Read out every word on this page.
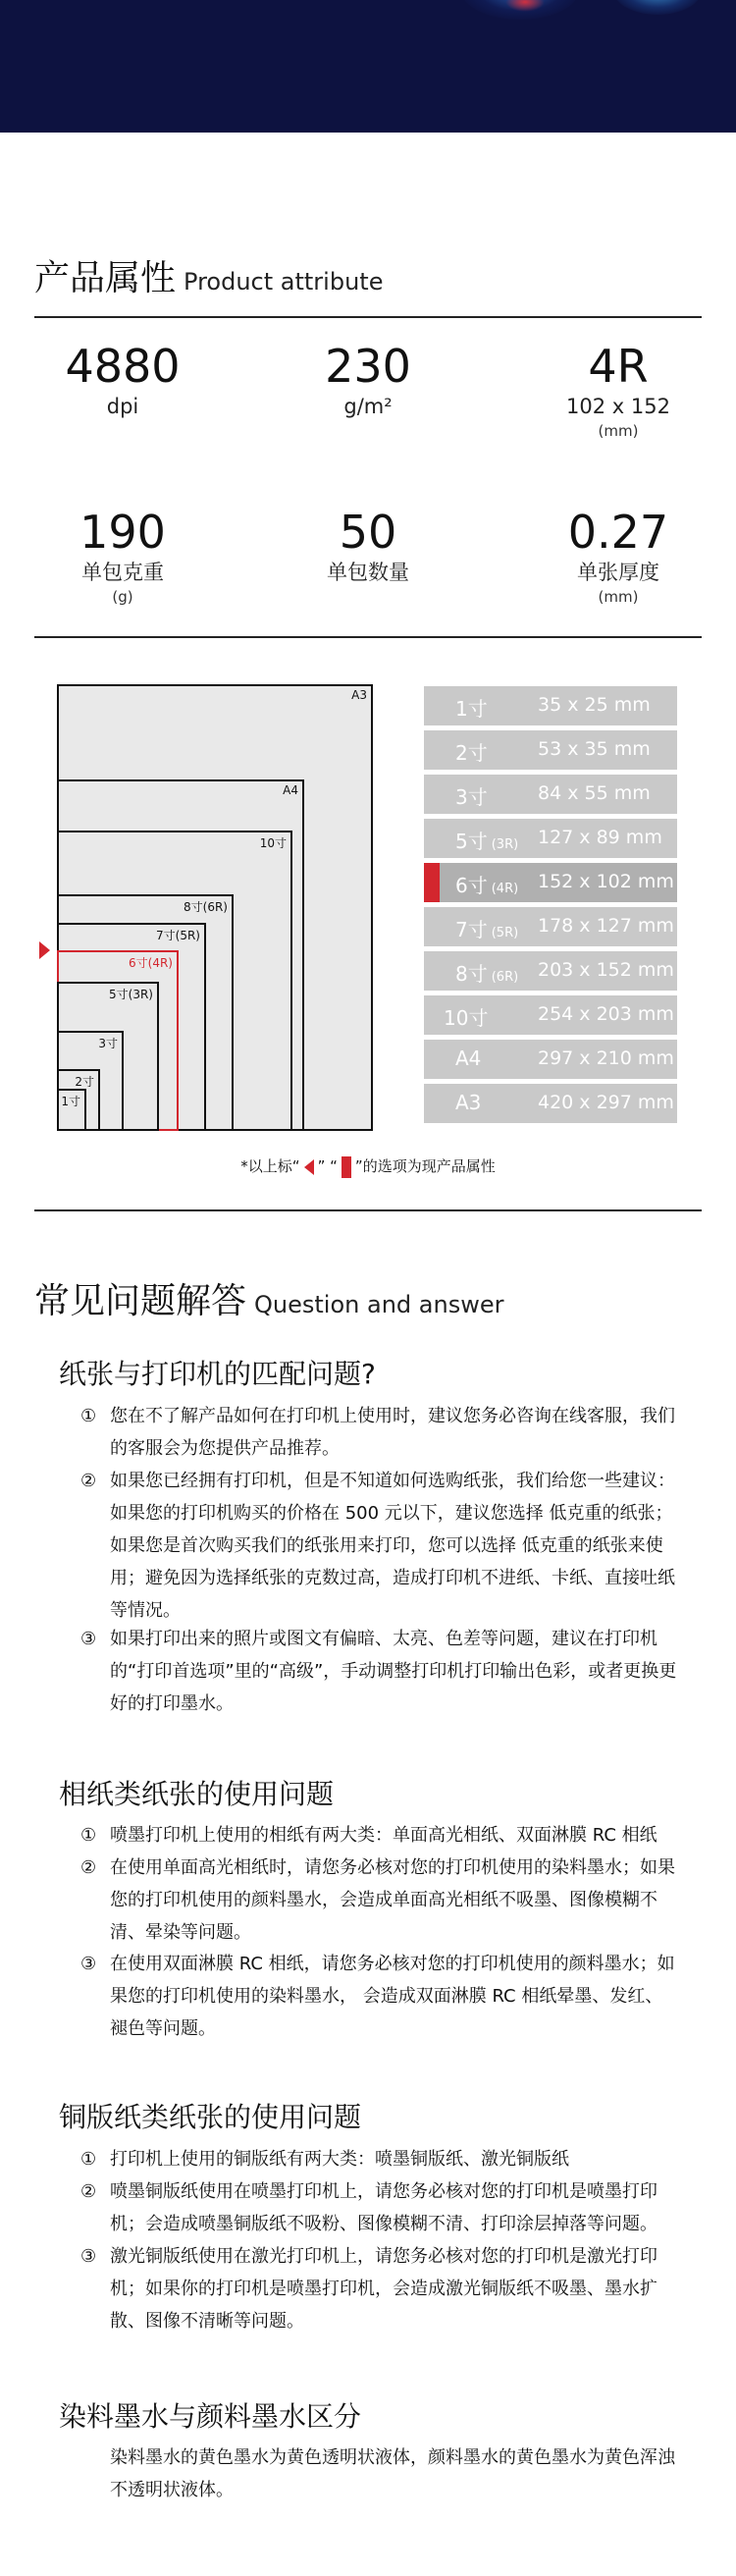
产品属性 Product attribute
4880
dpi
230
g/m²
4R
102 x 152
(mm)
190
单包克重
(g)
50
单包数量
0.27
单张厚度
(mm)
A3
A4
10寸
8寸(6R)
7寸(5R)
6寸(4R)
5寸(3R)
3寸
2寸
1寸
1寸	35 x 25 mm
2寸	53 x 35 mm
3寸	84 x 55 mm
5寸 (3R) 127 x 89 mm
6寸 (4R) 152 x 102 mm
7寸 (5R) 178 x 127 mm
8寸 (6R) 203 x 152 mm
10寸	254 x 203 mm
A4	297 x 210 mm
A3	420 x 297 mm
*以上标“ ” “ ”的选项为现产品属性
常见问题解答 Question and answer
纸张与打印机的匹配问题?
① 您在不了解产品如何在打印机上使用时，建议您务必咨询在线客服，我们的客服会为您提供产品推荐。
② 如果您已经拥有打印机，但是不知道如何选购纸张，我们给您一些建议：如果您的打印机购买的价格在 500 元以下，建议您选择 低克重的纸张；如果您是首次购买我们的纸张用来打印，您可以选择 低克重的纸张来使用；避免因为选择纸张的克数过高，造成打印机不进纸、卡纸、直接吐纸等情况。
③ 如果打印出来的照片或图文有偏暗、太亮、色差等问题，建议在打印机的“打印首选项”里的“高级”，手动调整打印机打印输出色彩，或者更换更好的打印墨水。
相纸类纸张的使用问题
① 喷墨打印机上使用的相纸有两大类：单面高光相纸、双面淋膜 RC 相纸
② 在使用单面高光相纸时，请您务必核对您的打印机使用的染料墨水；如果您的打印机使用的颜料墨水，会造成单面高光相纸不吸墨、图像模糊不清、晕染等问题。
③ 在使用双面淋膜 RC 相纸，请您务必核对您的打印机使用的颜料墨水；如果您的打印机使用的染料墨水， 会造成双面淋膜 RC 相纸晕墨、发红、褪色等问题。
铜版纸类纸张的使用问题
① 打印机上使用的铜版纸有两大类：喷墨铜版纸、激光铜版纸
② 喷墨铜版纸使用在喷墨打印机上，请您务必核对您的打印机是喷墨打印机；会造成喷墨铜版纸不吸粉、图像模糊不清、打印涂层掉落等问题。
③ 激光铜版纸使用在激光打印机上，请您务必核对您的打印机是激光打印机；如果你的打印机是喷墨打印机，会造成激光铜版纸不吸墨、墨水扩散、图像不清晰等问题。
染料墨水与颜料墨水区分
染料墨水的黄色墨水为黄色透明状液体，颜料墨水的黄色墨水为黄色浑浊不透明状液体。
